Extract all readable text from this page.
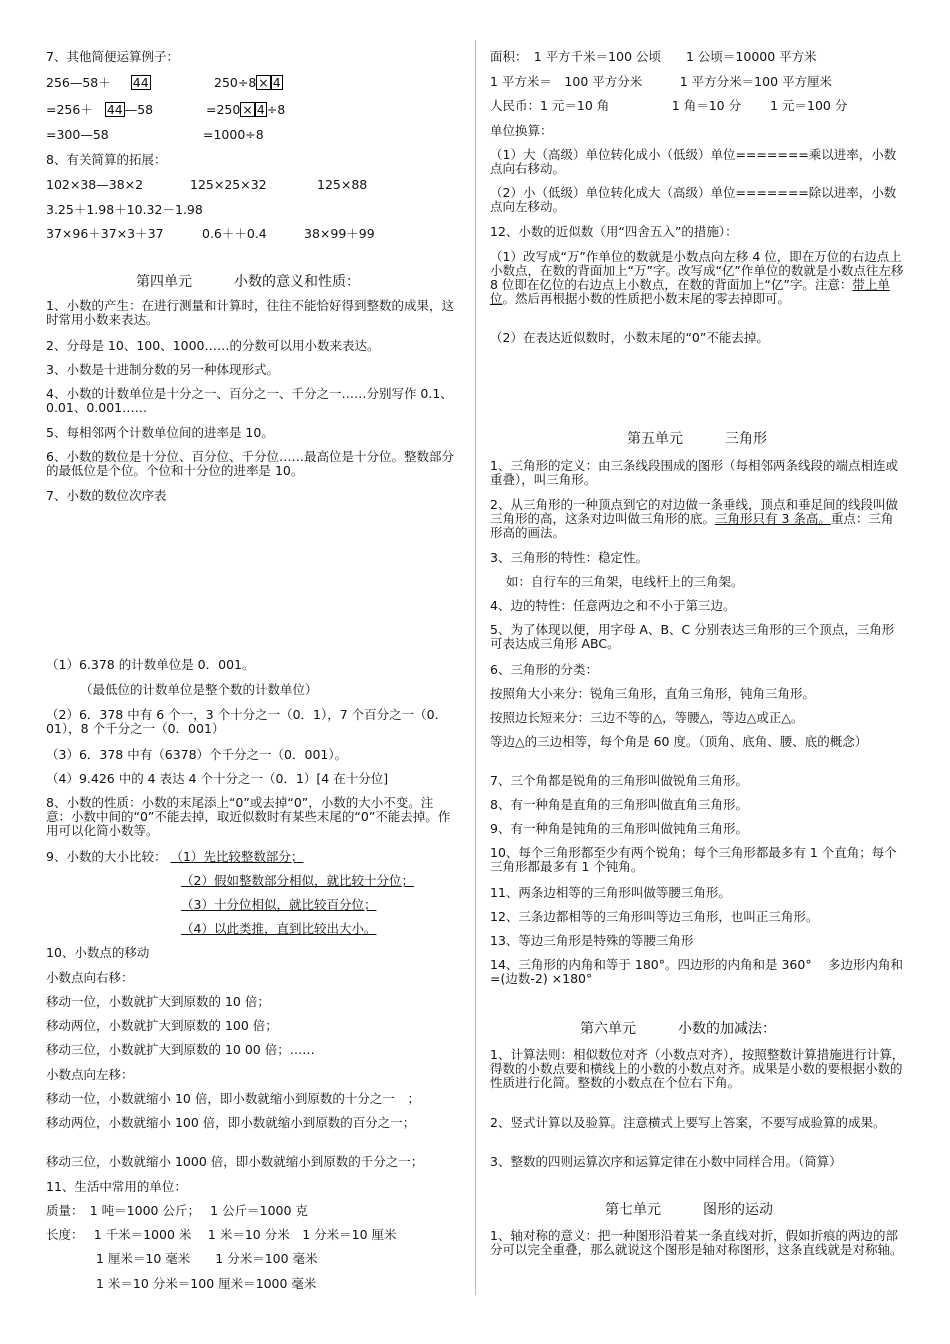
7、其他简便运算例子：
256—58＋ 44	250÷8 × 4
=256＋ 44 —58	=250 × 4 ÷8
=300—58	=1000÷8
8、有关简算的拓展：
102×38—38×2	125×25×32	125×88
3.25＋1.98＋10.32－1.98
37×96＋37×3＋37	0.6＋＋0.4	38×99＋99
第四单元　　　小数的意义和性质：
1、小数的产生：在进行测量和计算时，往往不能恰好得到整数的成果，这时常用小数来表达。
2、分母是 10、100、1000……的分数可以用小数来表达。
3、小数是十进制分数的另一种体现形式。
4、小数的计数单位是十分之一、百分之一、千分之一……分别写作 0.1、0.01、0.001……
5、每相邻两个计数单位间的进率是 10。
6、小数的数位是十分位、百分位、千分位……最高位是十分位。整数部分的最低位是个位。个位和十分位的进率是 10。
7、小数的数位次序表
（1）6.378 的计数单位是 0．001。
（最低位的计数单位是整个数的计数单位）
（2）6．378 中有 6 个一，3 个十分之一（0．1），7 个百分之一（0．01），8 个千分之一（0．001）
（3）6．378 中有（6378）个千分之一（0．001）。
（4）9.426 中的 4 表达 4 个十分之一（0．1）[4 在十分位]
8、小数的性质：小数的末尾添上“0”或去掉“0”，小数的大小不变。注意：小数中间的“0”不能去掉，取近似数时有某些末尾的“0”不能去掉。作用可以化简小数等。
9、小数的大小比较： （1）先比较整数部分；
（2）假如整数部分相似，就比较十分位；
（3）十分位相似，就比较百分位；
（4）以此类推，直到比较出大小。
10、小数点的移动
小数点向右移：
移动一位，小数就扩大到原数的 10 倍；
移动两位，小数就扩大到原数的 100 倍；
移动三位，小数就扩大到原数的 10 00 倍；……
小数点向左移：
移动一位，小数就缩小 10 倍，即小数就缩小到原数的十分之一　；
移动两位，小数就缩小 100 倍，即小数就缩小到原数的百分之一；
移动三位，小数就缩小 1000 倍，即小数就缩小到原数的千分之一；
11、生活中常用的单位：
质量：　1 吨＝1000 公斤；　 1 公斤＝1000 克
长度：　 1 千米＝1000 米　 1 米＝10 分米　1 分米＝10 厘米
1 厘米＝10 毫米　　1 分米＝100 毫米
1 米＝10 分米＝100 厘米＝1000 毫米
面积：　1 平方千米＝100 公顷　　1 公顷＝10000 平方米
1 平方米＝　100 平方分米　　　1 平方分米＝100 平方厘米
人民币：1 元＝10 角　　　　　1 角＝10 分　　 1 元＝100 分
单位换算：
（1）大（高级）单位转化成小（低级）单位=======乘以进率，小数点向右移动。
（2）小（低级）单位转化成大（高级）单位=======除以进率，小数点向左移动。
12、小数的近似数（用“四舍五入”的措施）：
（1）改写成“万”作单位的数就是小数点向左移 4 位，即在万位的右边点上小数点，在数的背面加上“万”字。改写成“亿”作单位的数就是小数点往左移 8 位即在亿位的右边点上小数点，在数的背面加上“亿”字。注意：带上单位。然后再根据小数的性质把小数末尾的零去掉即可。
（2）在表达近似数时，小数末尾的“0”不能去掉。
第五单元　　　三角形
1、三角形的定义：由三条线段围成的图形（每相邻两条线段的端点相连或重叠），叫三角形。
2、从三角形的一种顶点到它的对边做一条垂线，顶点和垂足间的线段叫做三角形的高，这条对边叫做三角形的底。三角形只有 3 条高。重点：三角形高的画法。
3、三角形的特性：稳定性。
如：自行车的三角架，电线杆上的三角架。
4、边的特性：任意两边之和不小于第三边。
5、为了体现以便，用字母 A、B、C 分别表达三角形的三个顶点，三角形可表达成三角形 ABC。
6、三角形的分类：
按照角大小来分：锐角三角形，直角三角形，钝角三角形。
按照边长短来分：三边不等的△，等腰△，等边△或正△。
等边△的三边相等，每个角是 60 度。（顶角、底角、腰、底的概念）
7、三个角都是锐角的三角形叫做锐角三角形。
8、有一种角是直角的三角形叫做直角三角形。
9、有一种角是钝角的三角形叫做钝角三角形。
10、每个三角形都至少有两个锐角；每个三角形都最多有 1 个直角；每个三角形都最多有 1 个钝角。
11、两条边相等的三角形叫做等腰三角形。
12、三条边都相等的三角形叫等边三角形，也叫正三角形。
13、等边三角形是特殊的等腰三角形
14、三角形的内角和等于 180°。四边形的内角和是 360°　 多边形内角和=(边数-2) ×180°
第六单元　　　小数的加减法：
1、计算法则：相似数位对齐（小数点对齐），按照整数计算措施进行计算，得数的小数点要和横线上的小数的小数点对齐。成果是小数的要根据小数的性质进行化简。整数的小数点在个位右下角。
2、竖式计算以及验算。注意横式上要写上答案，不要写成验算的成果。
3、整数的四则运算次序和运算定律在小数中同样合用。（简算）
第七单元　　　图形的运动
1、轴对称的意义：把一种图形沿着某一条直线对折，假如折痕的两边的部分可以完全重叠，那么就说这个图形是轴对称图形，这条直线就是对称轴。
